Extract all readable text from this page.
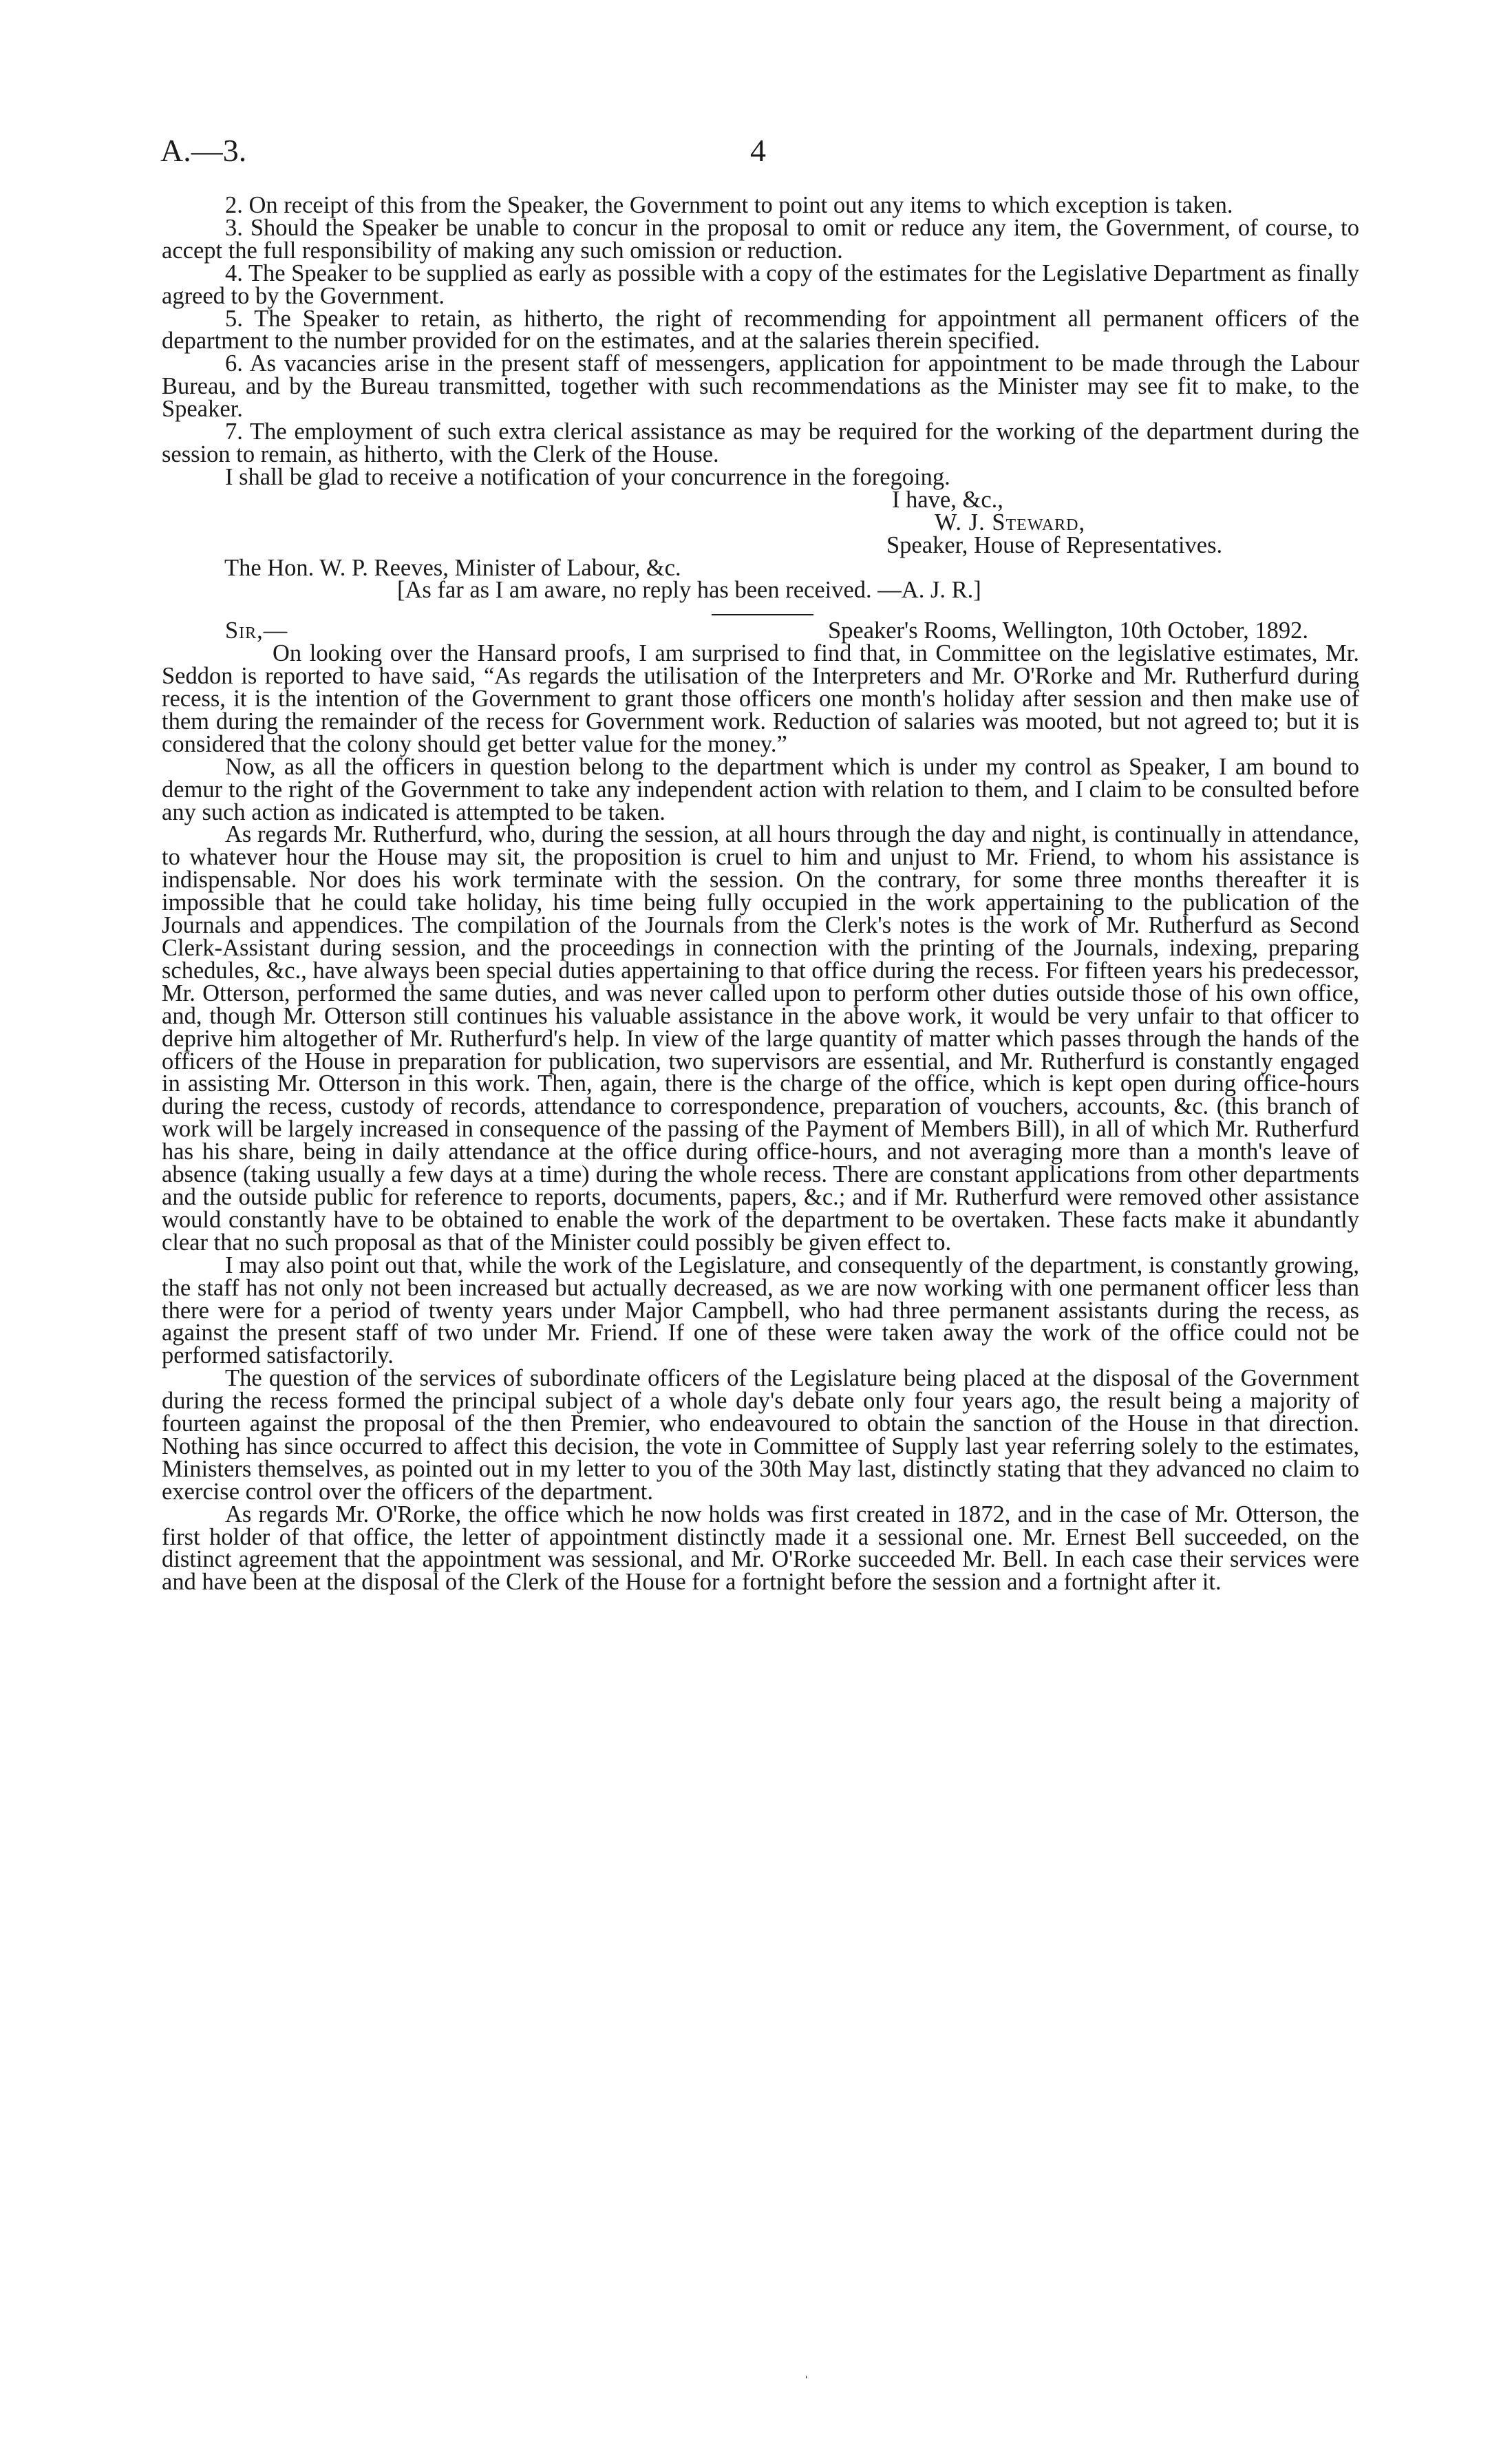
A.—3.	4

2. On receipt of this from the Speaker, the Government to point out any items to which exception is taken.

3. Should the Speaker be unable to concur in the proposal to omit or reduce any item, the Government, of course, to accept the full responsibility of making any such omission or reduction.

4. The Speaker to be supplied as early as possible with a copy of the estimates for the Legislative Department as finally agreed to by the Government.

5. The Speaker to retain, as hitherto, the right of recommending for appointment all permanent officers of the department to the number provided for on the estimates, and at the salaries therein specified.

6. As vacancies arise in the present staff of messengers, application for appointment to be made through the Labour Bureau, and by the Bureau transmitted, together with such recommendations as the Minister may see fit to make, to the Speaker.

7. The employment of such extra clerical assistance as may be required for the working of the department during the session to remain, as hitherto, with the Clerk of the House.

I shall be glad to receive a notification of your concurrence in the foregoing.

I have, &c.,

W. J. Steward,

Speaker, House of Representatives.

The Hon. W. P. Reeves, Minister of Labour, &c.

[As far as I am aware, no reply has been received. —A. J. R.]

Sir,—	Speaker's Rooms, Wellington, 10th October, 1892.

On looking over the Hansard proofs, I am surprised to find that, in Committee on the legislative estimates, Mr. Seddon is reported to have said, “As regards the utilisation of the Interpreters and Mr. O'Rorke and Mr. Rutherfurd during recess, it is the intention of the Government to grant those officers one month's holiday after session and then make use of them during the remainder of the recess for Government work. Reduction of salaries was mooted, but not agreed to; but it is considered that the colony should get better value for the money.”

Now, as all the officers in question belong to the department which is under my control as Speaker, I am bound to demur to the right of the Government to take any independent action with relation to them, and I claim to be consulted before any such action as indicated is attempted to be taken.

As regards Mr. Rutherfurd, who, during the session, at all hours through the day and night, is continually in attendance, to whatever hour the House may sit, the proposition is cruel to him and unjust to Mr. Friend, to whom his assistance is indispensable. Nor does his work terminate with the session. On the contrary, for some three months thereafter it is impossible that he could take holiday, his time being fully occupied in the work appertaining to the publication of the Journals and appendices. The compilation of the Journals from the Clerk's notes is the work of Mr. Rutherfurd as Second Clerk-Assistant during session, and the proceedings in connection with the printing of the Journals, indexing, preparing schedules, &c., have always been special duties appertaining to that office during the recess. For fifteen years his predecessor, Mr. Otterson, performed the same duties, and was never called upon to perform other duties outside those of his own office, and, though Mr. Otterson still continues his valuable assistance in the above work, it would be very unfair to that officer to deprive him altogether of Mr. Rutherfurd's help. In view of the large quantity of matter which passes through the hands of the officers of the House in preparation for publication, two supervisors are essential, and Mr. Rutherfurd is constantly engaged in assisting Mr. Otterson in this work. Then, again, there is the charge of the office, which is kept open during office-hours during the recess, custody of records, attendance to correspondence, preparation of vouchers, accounts, &c. (this branch of work will be largely increased in consequence of the passing of the Payment of Members Bill), in all of which Mr. Rutherfurd has his share, being in daily attendance at the office during office-hours, and not averaging more than a month's leave of absence (taking usually a few days at a time) during the whole recess. There are constant applications from other departments and the outside public for reference to reports, documents, papers, &c.; and if Mr. Rutherfurd were removed other assistance would constantly have to be obtained to enable the work of the department to be overtaken. These facts make it abundantly clear that no such proposal as that of the Minister could possibly be given effect to.

I may also point out that, while the work of the Legislature, and consequently of the department, is constantly growing, the staff has not only not been increased but actually decreased, as we are now working with one permanent officer less than there were for a period of twenty years under Major Campbell, who had three permanent assistants during the recess, as against the present staff of two under Mr. Friend. If one of these were taken away the work of the office could not be performed satisfactorily.

The question of the services of subordinate officers of the Legislature being placed at the disposal of the Government during the recess formed the principal subject of a whole day's debate only four years ago, the result being a majority of fourteen against the proposal of the then Premier, who endeavoured to obtain the sanction of the House in that direction. Nothing has since occurred to affect this decision, the vote in Committee of Supply last year referring solely to the estimates, Ministers themselves, as pointed out in my letter to you of the 30th May last, distinctly stating that they advanced no claim to exercise control over the officers of the department.

As regards Mr. O'Rorke, the office which he now holds was first created in 1872, and in the case of Mr. Otterson, the first holder of that office, the letter of appointment distinctly made it a sessional one. Mr. Ernest Bell succeeded, on the distinct agreement that the appointment was sessional, and Mr. O'Rorke succeeded Mr. Bell. In each case their services were and have been at the disposal of the Clerk of the House for a fortnight before the session and a fortnight after it.

ˌ
